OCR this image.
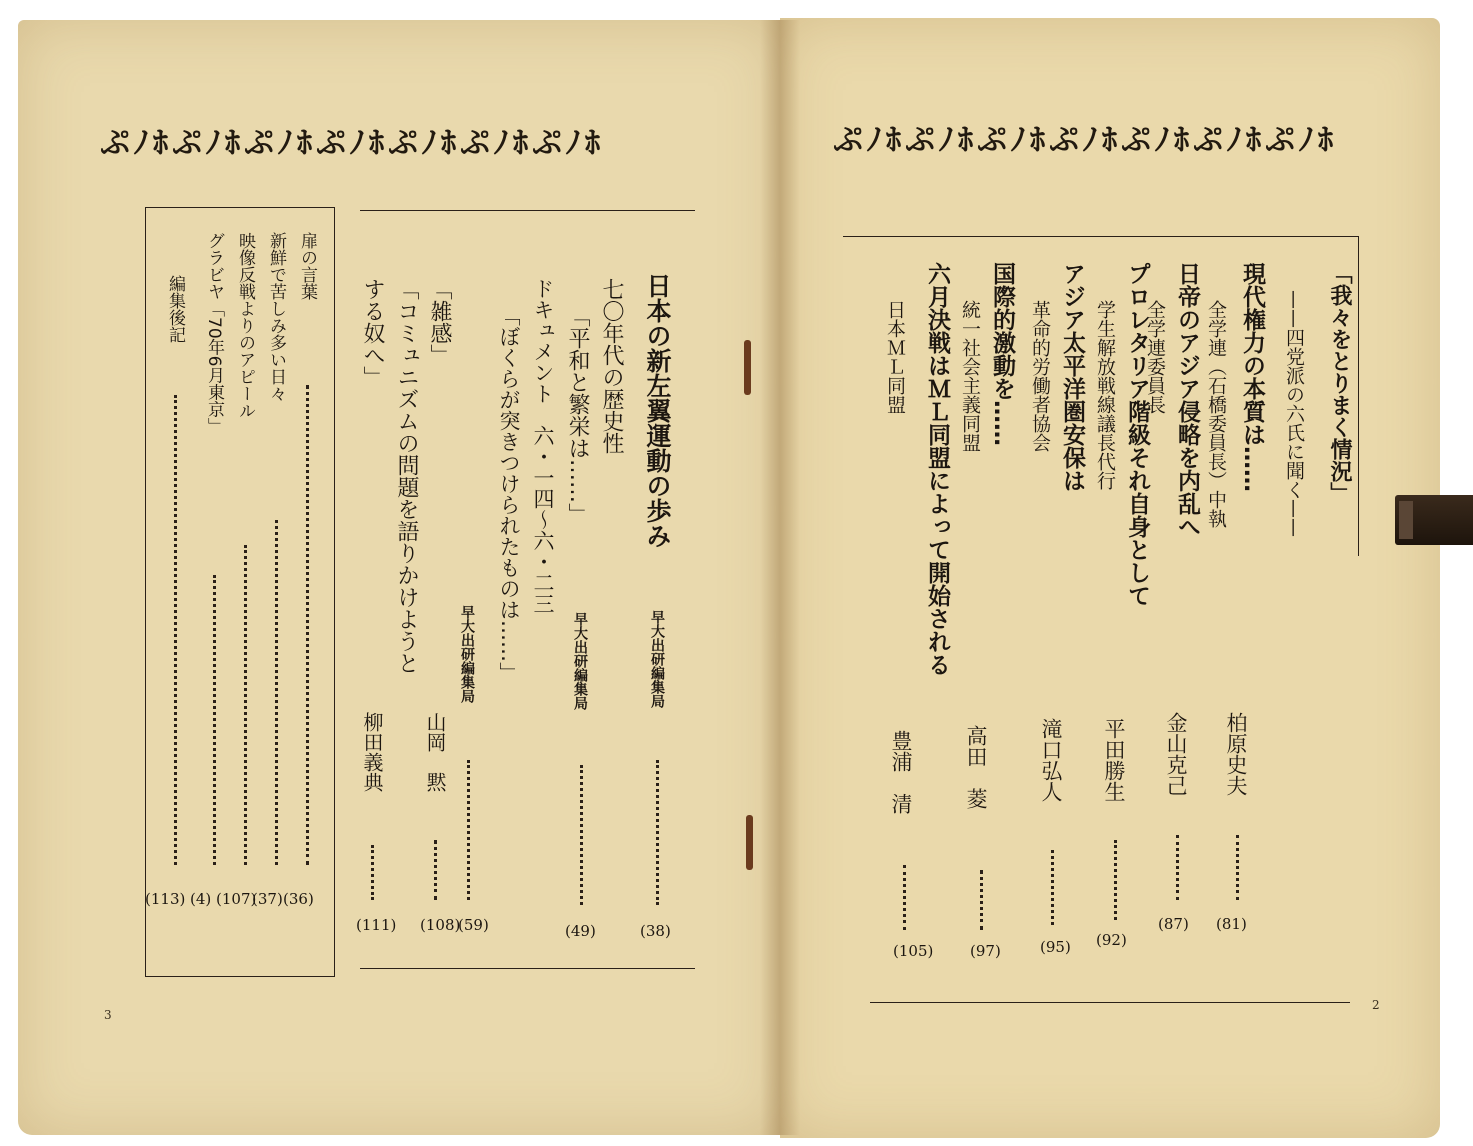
ぷﾉﾎぷﾉﾎぷﾉﾎぷﾉﾎぷﾉﾎぷﾉﾎぷﾉﾎ	ぷﾉﾎぷﾉﾎぷﾉﾎぷﾉﾎぷﾉﾎぷﾉﾎぷﾉﾎ
扉の言葉
(36)
新鮮で苦しみ多い日々
(37)
映像反戦よりのアピール
(107)
グラビヤ「70年6月東京」
(4)
編集後記
(113)
3
日本の新左翼運動の歩み
早大出研編集局
(38)
七〇年代の歴史性
「平和と繁栄は……」
早大出研編集局
(49)
ドキュメント　六・一四〜六・二三
「ぼくらが突きつけられたものは……」
早大出研編集局
(59)
「雑感」
山岡　黙
(108)
「コミュニズムの問題を語りかけようと
する奴へ」
柳田義典
(111)
「我々をとりまく情況」
——四党派の六氏に聞く——
現代権力の本質は……
全学連（石橋委員長）中執
柏原史夫
(81)
日帝のアジア侵略を内乱へ
全学連委員長
金山克己
(87)
プロレタリア階級それ自身として
学生解放戦線議長代行
平田勝生
(92)
アジア太平洋圏安保は
革命的労働者協会
滝口弘人
(95)
国際的激動を……
統一社会主義同盟
高田　菱
(97)
六月決戦はＭＬ同盟によって開始される
日本ＭＬ同盟
豊浦　清
(105)
2
